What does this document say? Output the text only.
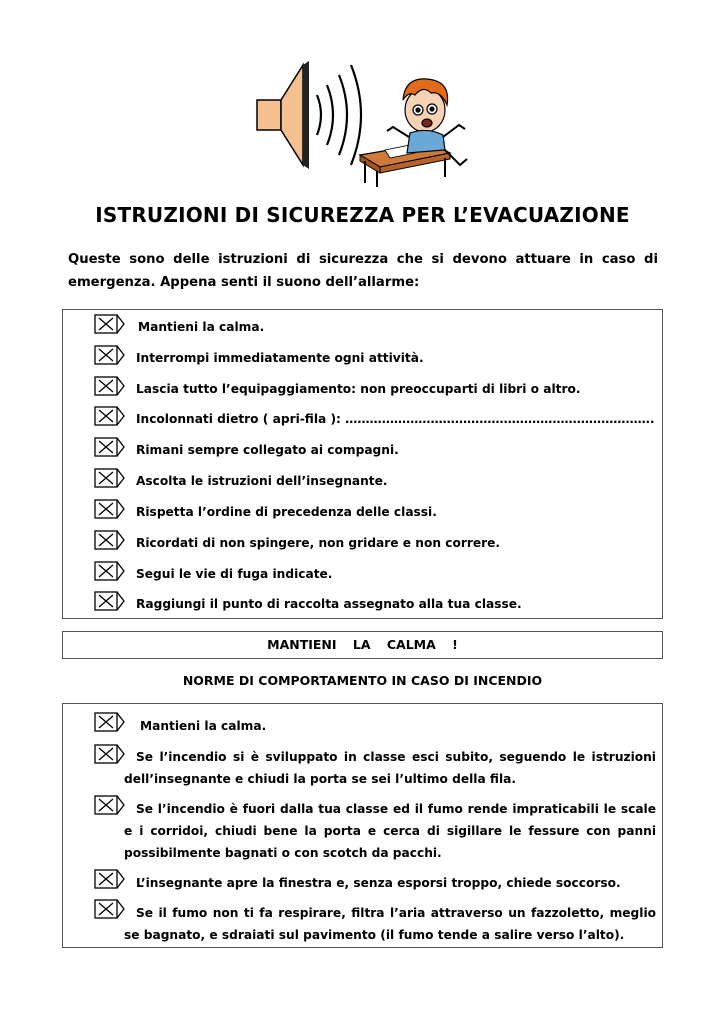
ISTRUZIONI DI SICUREZZA PER L’EVACUAZIONE
Queste sono delle istruzioni di sicurezza che si devono attuare in caso di emergenza. Appena senti il suono dell’allarme:
Mantieni la calma.
Interrompi immediatamente ogni attività.
Lascia tutto l’equipaggiamento: non preoccuparti di libri o altro.
Incolonnati dietro ( apri-fila ): ………………………………………………………………….
Rimani sempre collegato ai compagni.
Ascolta le istruzioni dell’insegnante.
Rispetta l’ordine di precedenza delle classi.
Ricordati di non spingere, non gridare e non correre.
Segui le vie di fuga indicate.
Raggiungi il punto di raccolta assegnato alla tua classe.
MANTIENI LA CALMA !
NORME DI COMPORTAMENTO IN CASO DI INCENDIO
Mantieni la calma.
Se l’incendio si è sviluppato in classe esci subito, seguendo le istruzioni dell’insegnante e chiudi la porta se sei l’ultimo della fila.
Se l’incendio è fuori dalla tua classe ed il fumo rende impraticabili le scale e i corridoi, chiudi bene la porta e cerca di sigillare le fessure con panni possibilmente bagnati o con scotch da pacchi.
L’insegnante apre la finestra e, senza esporsi troppo, chiede soccorso.
Se il fumo non ti fa respirare, filtra l’aria attraverso un fazzoletto, meglio se bagnato, e sdraiati sul pavimento (il fumo tende a salire verso l’alto).
